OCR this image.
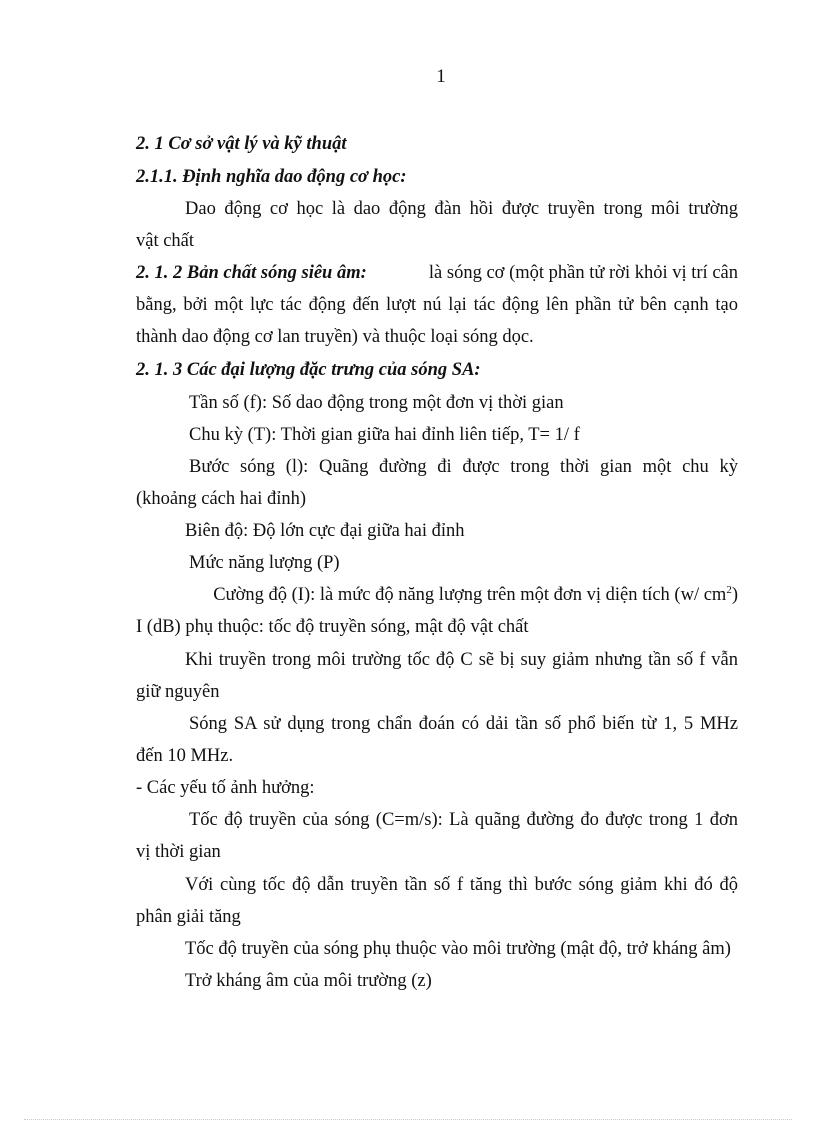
1
2. 1 Cơ sở vật lý và kỹ thuật
2.1.1. Định nghĩa dao động cơ học:
Dao động cơ học là dao động đàn hồi được truyền trong môi trường
vật chất
2. 1. 2 Bản chất sóng siêu âm:	là sóng cơ (một phần tử rời khỏi vị trí cân
bằng, bởi một lực tác động đến lượt nú lại tác động lên phần tử bên cạnh tạo
thành dao động cơ lan truyền) và thuộc loại sóng dọc.
2. 1. 3 Các đại lượng đặc trưng của sóng SA:
Tần số (f): Số dao động trong một đơn vị thời gian
Chu kỳ (T): Thời gian giữa hai đỉnh liên tiếp, T= 1/ f
Bước sóng (l): Quãng đường đi được trong thời gian một chu kỳ
(khoảng cách hai đỉnh)
Biên độ: Độ lớn cực đại giữa hai đỉnh
Mức năng lượng (P)
Cường độ (I): là mức độ năng lượng trên một đơn vị diện tích (w/ $cm^2$)
I (dB) phụ thuộc: tốc độ truyền sóng, mật độ vật chất
Khi truyền trong môi trường tốc độ C sẽ bị suy giảm nhưng tần số f vẫn
giữ nguyên
Sóng SA sử dụng trong chẩn đoán có dải tần số phổ biến từ 1, 5 MHz
đến 10 MHz.
- Các yếu tố ảnh hưởng:
Tốc độ truyền của sóng (C=m/s): Là quãng đường đo được trong 1 đơn
vị thời gian
Với cùng tốc độ dẫn truyền tần số f tăng thì bước sóng giảm khi đó độ
phân giải tăng
Tốc độ truyền của sóng phụ thuộc vào môi trường (mật độ, trở kháng âm)
Trở kháng âm của môi trường (z)
